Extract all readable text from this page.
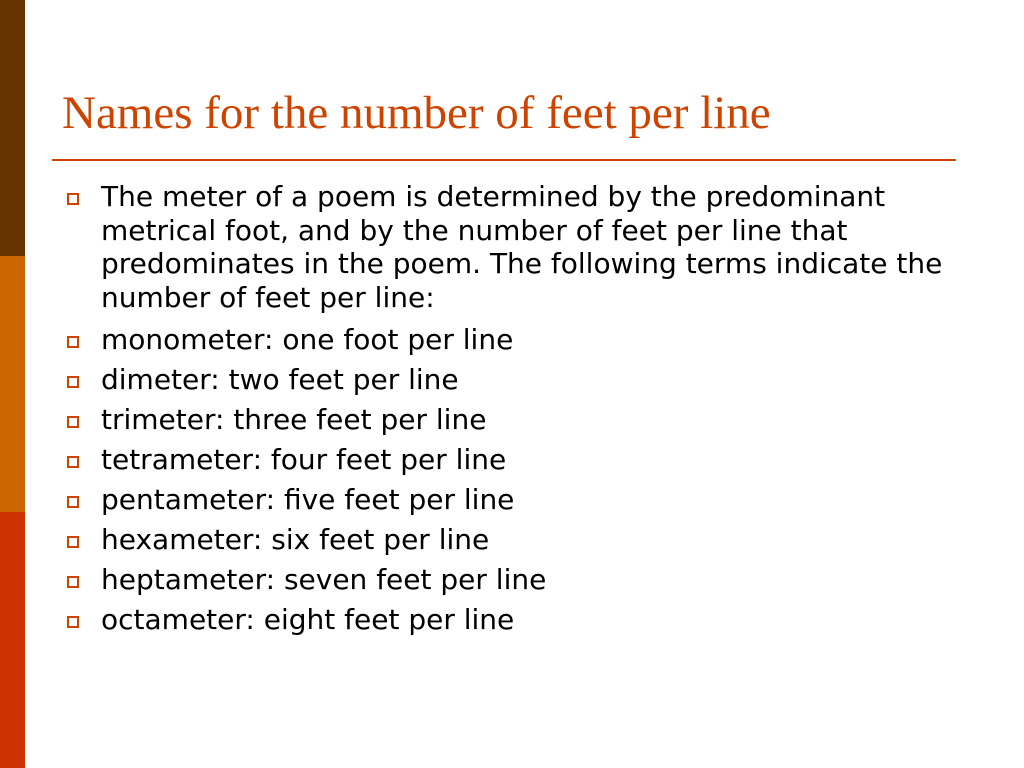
Names for the number of feet per line
The meter of a poem is determined by the predominant metrical foot, and by the number of feet per line that predominates in the poem. The following terms indicate the number of feet per line:
monometer: one foot per line
dimeter: two feet per line
trimeter: three feet per line
tetrameter: four feet per line
pentameter: five feet per line
hexameter: six feet per line
heptameter: seven feet per line
octameter: eight feet per line
